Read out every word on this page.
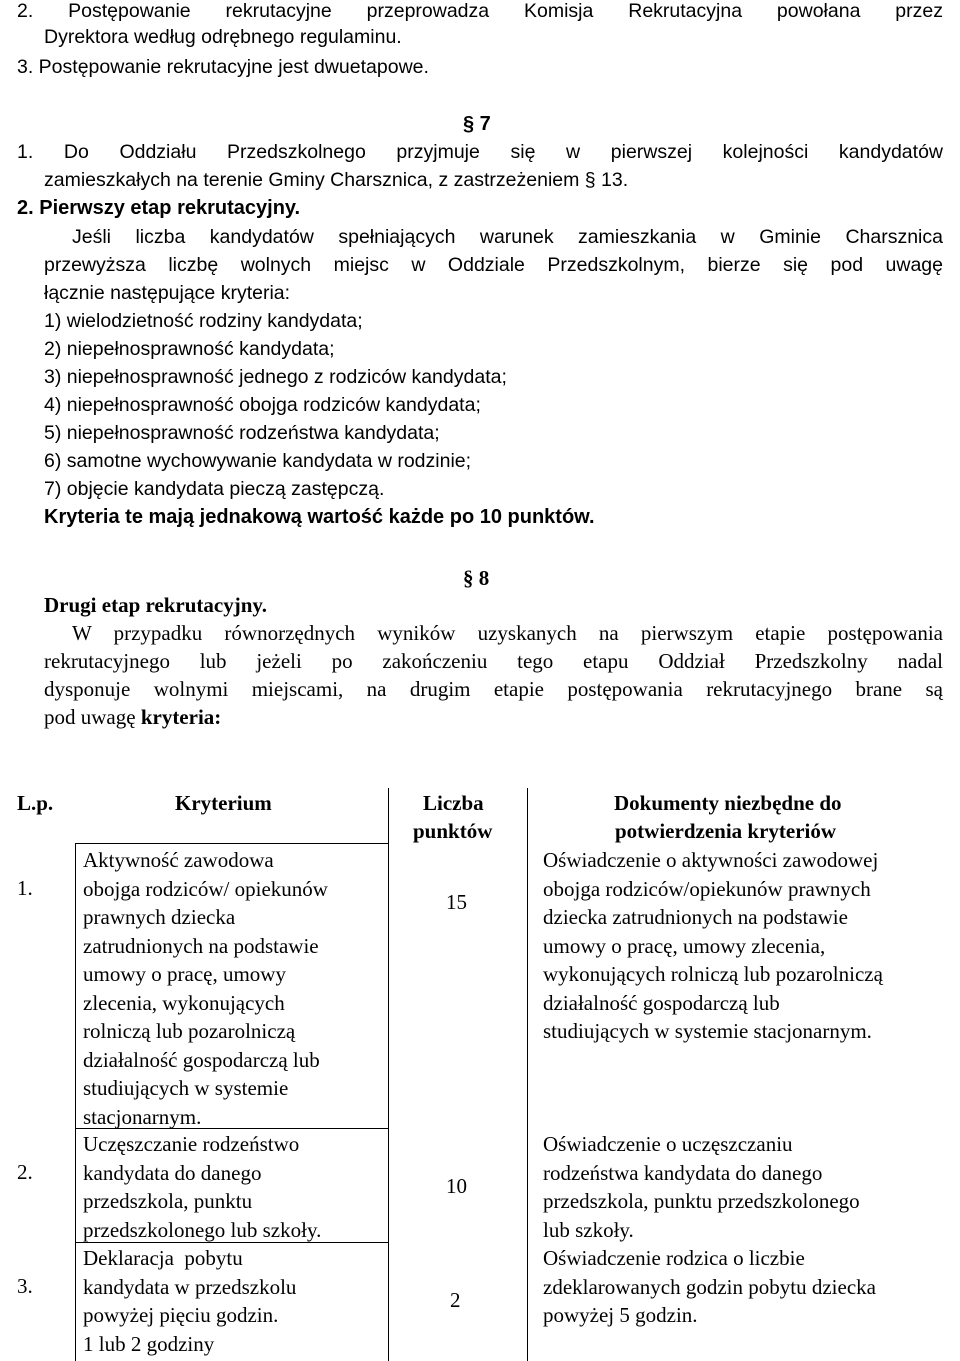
2. Postępowanie rekrutacyjne przeprowadza Komisja Rekrutacyjna powołana przez
Dyrektora według odrębnego regulaminu.
3. Postępowanie rekrutacyjne jest dwuetapowe.
§ 7
1. Do Oddziału Przedszkolnego przyjmuje się w pierwszej kolejności kandydatów
zamieszkałych na terenie Gminy Charsznica, z zastrzeżeniem § 13.
2. Pierwszy etap rekrutacyjny.
Jeśli liczba kandydatów spełniających warunek zamieszkania w Gminie Charsznica
przewyższa liczbę wolnych miejsc w Oddziale Przedszkolnym, bierze się pod uwagę
łącznie następujące kryteria:
1) wielodzietność rodziny kandydata;
2) niepełnosprawność kandydata;
3) niepełnosprawność jednego z rodziców kandydata;
4) niepełnosprawność obojga rodziców kandydata;
5) niepełnosprawność rodzeństwa kandydata;
6) samotne wychowywanie kandydata w rodzinie;
7) objęcie kandydata pieczą zastępczą.
Kryteria te mają jednakową wartość każde po 10 punktów.
§ 8
Drugi etap rekrutacyjny.
W przypadku równorzędnych wyników uzyskanych na pierwszym etapie postępowania
rekrutacyjnego lub jeżeli po zakończeniu tego etapu Oddział Przedszkolny nadal
dysponuje wolnymi miejscami, na drugim etapie postępowania rekrutacyjnego brane są
pod uwagę kryteria:
L.p.	Kryterium	Liczba
punktów
Dokumenty niezbędne do
potwierdzenia kryteriów
1.
Aktywność zawodowa
obojga rodziców/ opiekunów
prawnych dziecka
zatrudnionych na podstawie
umowy o pracę, umowy
zlecenia, wykonujących
rolniczą lub pozarolniczą
działalność gospodarczą lub
studiujących w systemie
stacjonarnym.
15
Oświadczenie o aktywności zawodowej
obojga rodziców/opiekunów prawnych
dziecka zatrudnionych na podstawie
umowy o pracę, umowy zlecenia,
wykonujących rolniczą lub pozarolniczą
działalność gospodarczą lub
studiujących w systemie stacjonarnym.
2.
Uczęszczanie rodzeństwo
kandydata do danego
przedszkola, punktu
przedszkolonego lub szkoły.
10
Oświadczenie o uczęszczaniu
rodzeństwa kandydata do danego
przedszkola, punktu przedszkolonego
lub szkoły.
3.
Deklaracja  pobytu
kandydata w przedszkolu
powyżej pięciu godzin.
1 lub 2 godziny
2
Oświadczenie rodzica o liczbie
zdeklarowanych godzin pobytu dziecka
powyżej 5 godzin.
